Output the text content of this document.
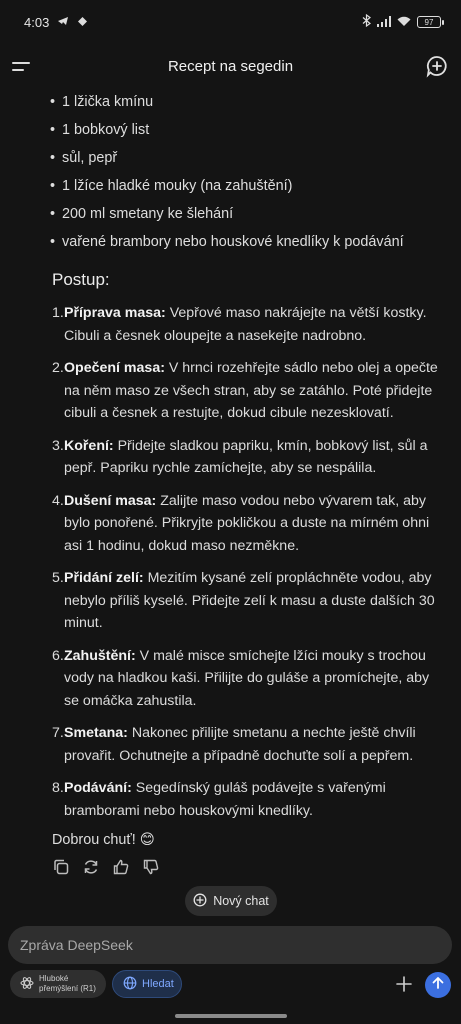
4:03	97
Recept na segedin
• 1 lžička kmínu
• 1 bobkový list
• sůl, pepř
• 1 lžíce hladké mouky (na zahuštění)
• 200 ml smetany ke šlehání
• vařené brambory nebo houskové knedlíky k podávání
Postup:
1. Příprava masa: Vepřové maso nakrájejte na větší kostky. Cibuli a česnek oloupejte a nasekejte nadrobno.
2. Opečení masa: V hrnci rozehřejte sádlo nebo olej a opečte na něm maso ze všech stran, aby se zatáhlo. Poté přidejte cibuli a česnek a restujte, dokud cibule nezesklovatí.
3. Koření: Přidejte sladkou papriku, kmín, bobkový list, sůl a pepř. Papriku rychle zamíchejte, aby se nespálila.
4. Dušení masa: Zalijte maso vodou nebo vývarem tak, aby bylo ponořené. Přikryjte pokličkou a duste na mírném ohni asi 1 hodinu, dokud maso nezměkne.
5. Přidání zelí: Mezitím kysané zelí propláchněte vodou, aby nebylo příliš kyselé. Přidejte zelí k masu a duste dalších 30 minut.
6. Zahuštění: V malé misce smíchejte lžíci mouky s trochou vody na hladkou kaši. Přilijte do guláše a promíchejte, aby se omáčka zahustila.
7. Smetana: Nakonec přilijte smetanu a nechte ještě chvíli provařit. Ochutnejte a případně dochuťte solí a pepřem.
8. Podávání: Segedínský guláš podávejte s vařenými bramborami nebo houskovými knedlíky.
Dobrou chuť! 😊
Nový chat
Zpráva DeepSeek
Hluboké
přemýšlení (R1)	Hledat
